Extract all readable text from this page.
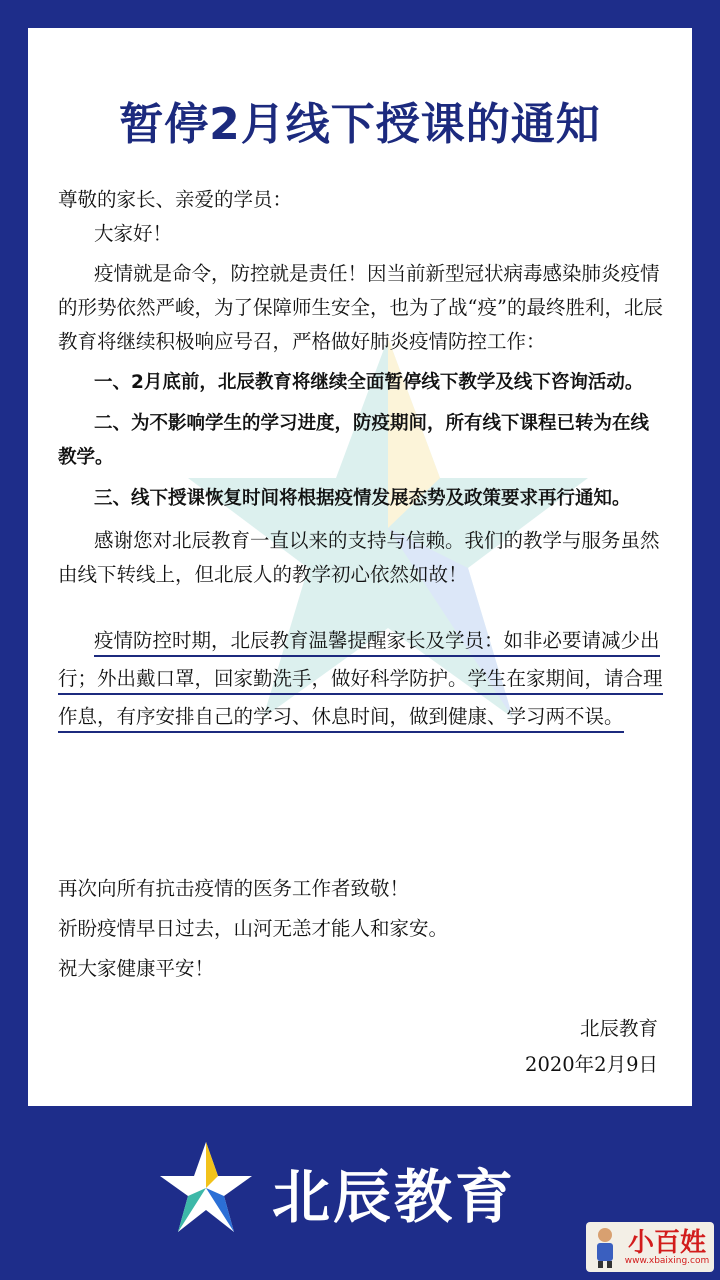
暂停2月线下授课的通知

尊敬的家长、亲爱的学员：

大家好！

疫情就是命令，防控就是责任！因当前新型冠状病毒感染肺炎疫情的形势依然严峻，为了保障师生安全，也为了战“疫”的最终胜利，北辰教育将继续积极响应号召，严格做好肺炎疫情防控工作：

一、2月底前，北辰教育将继续全面暂停线下教学及线下咨询活动。

二、为不影响学生的学习进度，防疫期间，所有线下课程已转为在线教学。

三、线下授课恢复时间将根据疫情发展态势及政策要求再行通知。

感谢您对北辰教育一直以来的支持与信赖。我们的教学与服务虽然由线下转线上，但北辰人的教学初心依然如故！

疫情防控时期，北辰教育温馨提醒家长及学员：如非必要请减少出行；外出戴口罩，回家勤洗手，做好科学防护。学生在家期间，请合理作息，有序安排自己的学习、休息时间，做到健康、学习两不误。

再次向所有抗击疫情的医务工作者致敬！

祈盼疫情早日过去，山河无恙才能人和家安。

祝大家健康平安！

北辰教育
2020年2月9日
北辰教育
小百姓
www.xbaixing.com
